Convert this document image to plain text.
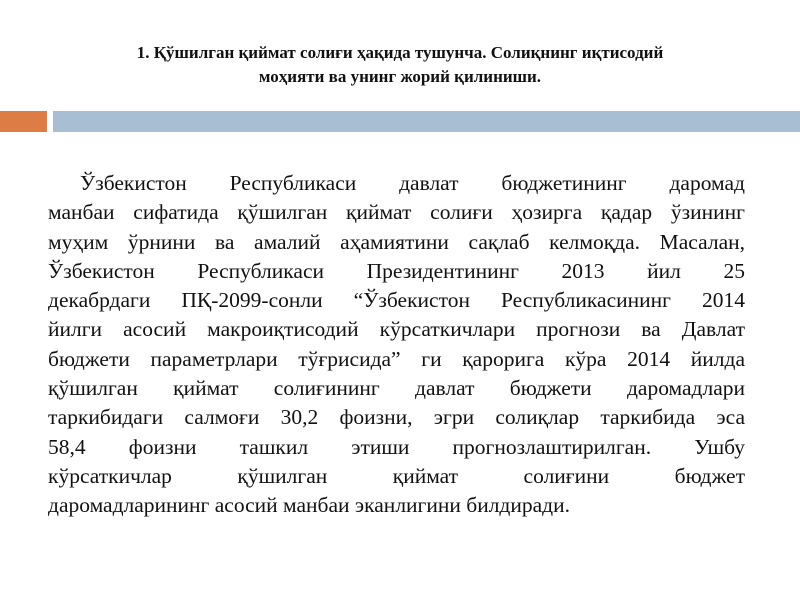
1. Қўшилган қиймат солиғи ҳақида тушунча. Солиқнинг иқтисодий
моҳияти ва унинг жорий қилиниши.
Ўзбекистон Республикаси давлат бюджетининг даромад
манбаи сифатида қўшилган қиймат солиғи ҳозирга қадар ўзининг
муҳим ўрнини ва амалий аҳамиятини сақлаб келмоқда. Масалан,
Ўзбекистон Республикаси Президентининг 2013 йил 25
декабрдаги ПҚ-2099-сонли “Ўзбекистон Республикасининг 2014
йилги асосий макроиқтисодий кўрсаткичлари прогнози ва Давлат
бюджети параметрлари тўғрисида” ги қарорига кўра 2014 йилда
қўшилган қиймат солиғининг давлат бюджети даромадлари
таркибидаги салмоғи 30,2 фоизни, эгри солиқлар таркибида эса
58,4 фоизни ташкил этиши прогнозлаштирилган. Ушбу
кўрсаткичлар қўшилган қиймат солиғини бюджет
даромадларининг асосий манбаи эканлигини билдиради.
